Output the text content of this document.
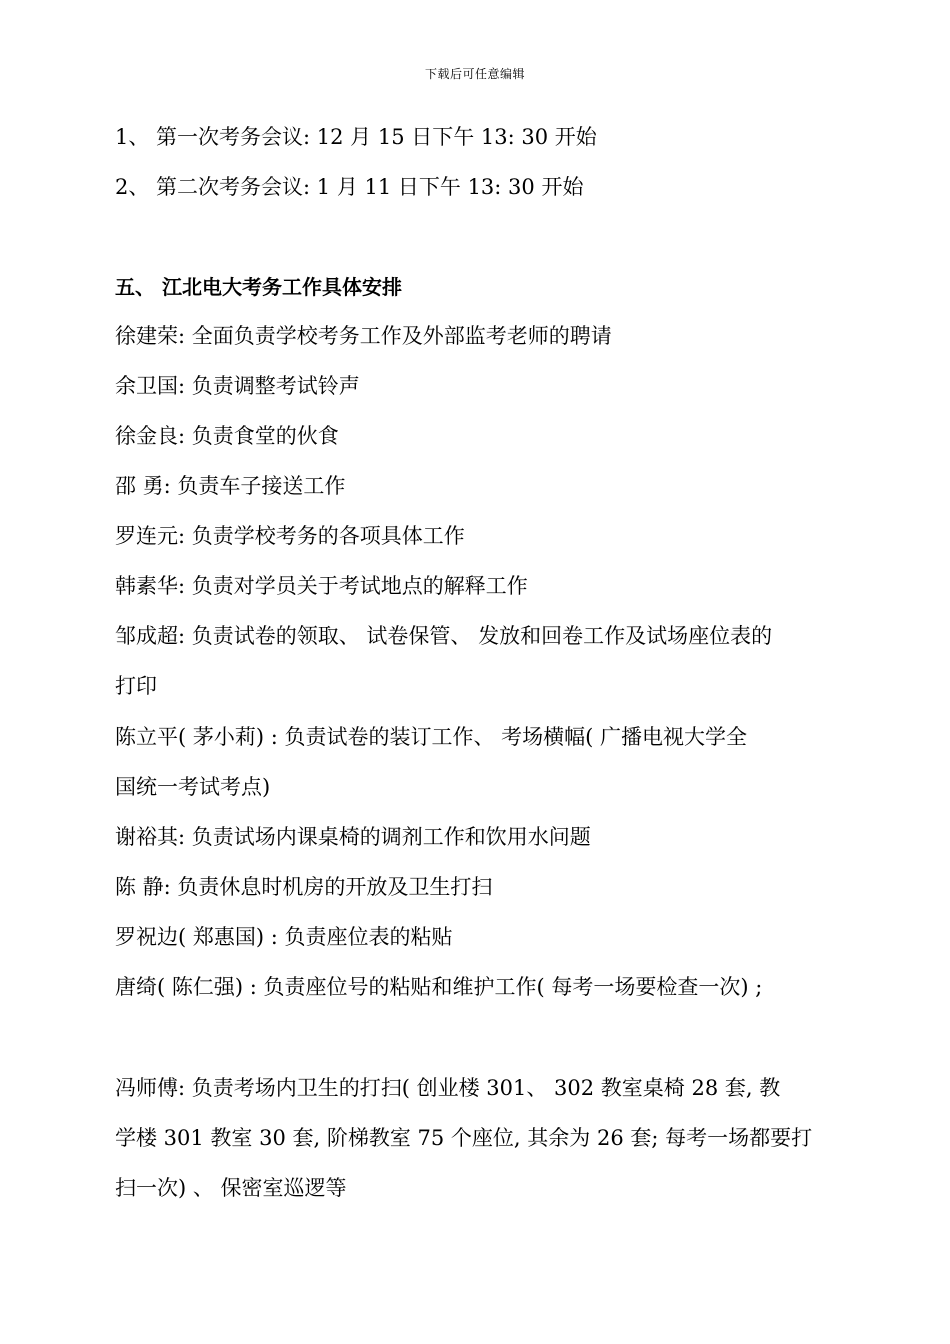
下载后可任意编辑
1、 第一次考务会议: 12 月 15 日下午 13: 30 开始
2、 第二次考务会议: 1 月 11 日下午 13: 30 开始
五、 江北电大考务工作具体安排
徐建荣: 全面负责学校考务工作及外部监考老师的聘请
余卫国: 负责调整考试铃声
徐金良: 负责食堂的伙食
邵 勇: 负责车子接送工作
罗连元: 负责学校考务的各项具体工作
韩素华: 负责对学员关于考试地点的解释工作
邹成超: 负责试卷的领取、 试卷保管、 发放和回卷工作及试场座位表的
打印
陈立平( 茅小莉) : 负责试卷的装订工作、 考场横幅( 广播电视大学全
国统一考试考点)
谢裕其: 负责试场内课桌椅的调剂工作和饮用水问题
陈 静: 负责休息时机房的开放及卫生打扫
罗祝边( 郑惠国) : 负责座位表的粘贴
唐绮( 陈仁强) : 负责座位号的粘贴和维护工作( 每考一场要检查一次) ;
冯师傅: 负责考场内卫生的打扫( 创业楼 301、 302 教室桌椅 28 套, 教
学楼 301 教室 30 套, 阶梯教室 75 个座位, 其余为 26 套; 每考一场都要打
扫一次) 、 保密室巡逻等
